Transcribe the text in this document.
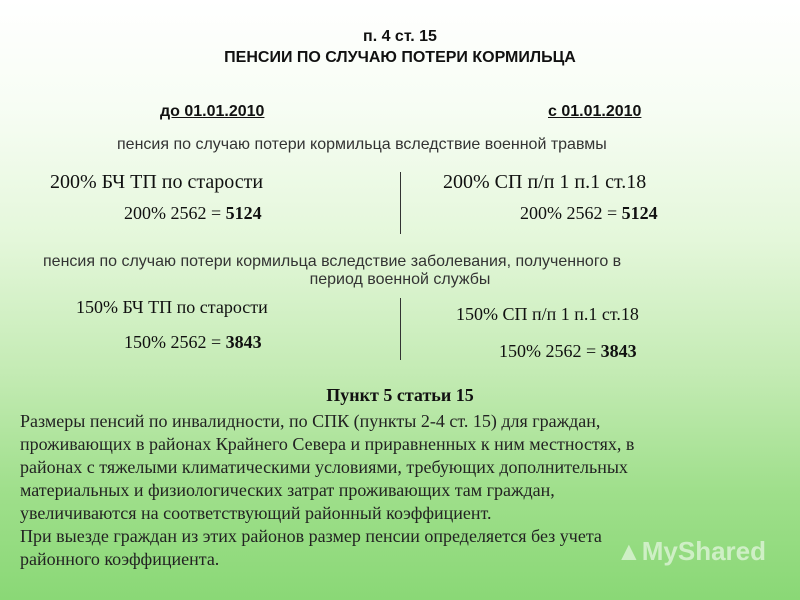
п. 4 ст. 15
ПЕНСИИ ПО СЛУЧАЮ ПОТЕРИ КОРМИЛЬЦА
до 01.01.2010	с 01.01.2010
пенсия по случаю потери кормильца вследствие военной травмы
200% БЧ ТП по старости
200% 2562 = 5124
200% СП п/п 1 п.1 ст.18
200% 2562 = 5124
пенсия по случаю потери кормильца вследствие заболевания, полученного в
период военной службы
150% БЧ ТП по старости
150% 2562 = 3843
150% СП п/п 1 п.1 ст.18
150% 2562 = 3843
Пункт 5 статьи 15
Размеры пенсий по инвалидности, по СПК (пункты 2-4 ст. 15) для граждан,
проживающих в районах Крайнего Севера и приравненных к ним местностях, в
районах с тяжелыми климатическими условиями, требующих дополнительных
материальных и физиологических затрат проживающих там граждан,
увеличиваются на соответствующий районный коэффициент.
При выезде граждан из этих районов размер пенсии определяется без учета
районного коэффициента.	▲MyShared
